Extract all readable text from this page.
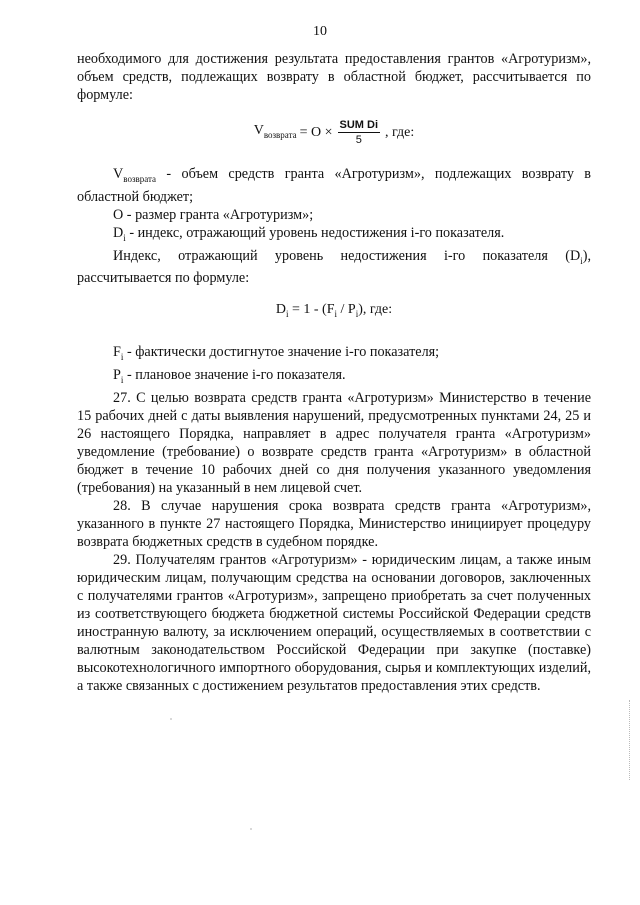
10

необходимого для достижения результата предоставления грантов «Агротуризм», объем средств, подлежащих возврату в областной бюджет, рассчитывается по формуле:

$V_{возврата} = O \times \frac{\text{SUM Di}}{5}$ , где:

$V_{возврата}$ - объем средств гранта «Агротуризм», подлежащих возврату в областной бюджет;

O - размер гранта «Агротуризм»;

$D_i$ - индекс, отражающий уровень недостижения i-го показателя.

Индекс, отражающий уровень недостижения i-го показателя $(D_i)$, рассчитывается по формуле:

$D_i = 1 - (F_i / P_i)$, где:

$F_i$ - фактически достигнутое значение i-го показателя;

$P_i$ - плановое значение i-го показателя.

27. С целью возврата средств гранта «Агротуризм» Министерство в течение 15 рабочих дней с даты выявления нарушений, предусмотренных пунктами 24, 25 и 26 настоящего Порядка, направляет в адрес получателя гранта «Агротуризм» уведомление (требование) о возврате средств гранта «Агротуризм» в областной бюджет в течение 10 рабочих дней со дня получения указанного уведомления (требования) на указанный в нем лицевой счет.

28. В случае нарушения срока возврата средств гранта «Агротуризм», указанного в пункте 27 настоящего Порядка, Министерство инициирует процедуру возврата бюджетных средств в судебном порядке.

29. Получателям грантов «Агротуризм» - юридическим лицам, а также иным юридическим лицам, получающим средства на основании договоров, заключенных с получателями грантов «Агротуризм», запрещено приобретать за счет полученных из соответствующего бюджета бюджетной системы Российской Федерации средств иностранную валюту, за исключением операций, осуществляемых в соответствии с валютным законодательством Российской Федерации при закупке (поставке) высокотехнологичного импортного оборудования, сырья и комплектующих изделий, а также связанных с достижением результатов предоставления этих средств.
